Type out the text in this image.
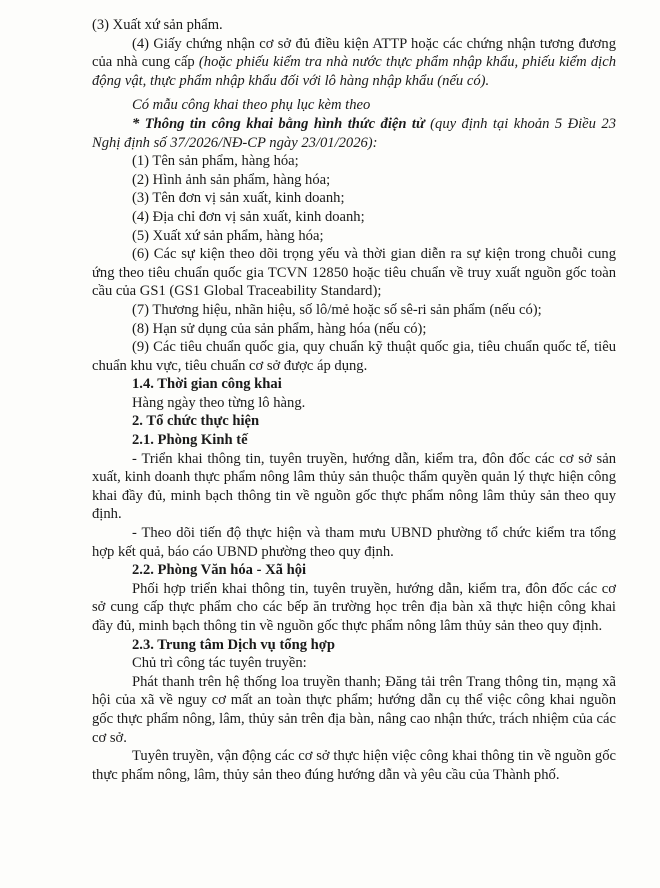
(3) Xuất xứ sản phẩm.

(4) Giấy chứng nhận cơ sở đủ điều kiện ATTP hoặc các chứng nhận tương đương của nhà cung cấp (hoặc phiếu kiểm tra nhà nước thực phẩm nhập khẩu, phiếu kiểm dịch động vật, thực phẩm nhập khẩu đối với lô hàng nhập khẩu (nếu có).

Có mẫu công khai theo phụ lục kèm theo

* Thông tin công khai bằng hình thức điện tử (quy định tại khoản 5 Điều 23 Nghị định số 37/2026/NĐ-CP ngày 23/01/2026):

(1) Tên sản phẩm, hàng hóa;

(2) Hình ảnh sản phẩm, hàng hóa;

(3) Tên đơn vị sản xuất, kinh doanh;

(4) Địa chỉ đơn vị sản xuất, kinh doanh;

(5) Xuất xứ sản phẩm, hàng hóa;

(6) Các sự kiện theo dõi trọng yếu và thời gian diễn ra sự kiện trong chuỗi cung ứng theo tiêu chuẩn quốc gia TCVN 12850 hoặc tiêu chuẩn về truy xuất nguồn gốc toàn cầu của GS1 (GS1 Global Traceability Standard);

(7) Thương hiệu, nhãn hiệu, số lô/mẻ hoặc số sê-ri sản phẩm (nếu có);

(8) Hạn sử dụng của sản phẩm, hàng hóa (nếu có);

(9) Các tiêu chuẩn quốc gia, quy chuẩn kỹ thuật quốc gia, tiêu chuẩn quốc tế, tiêu chuẩn khu vực, tiêu chuẩn cơ sở được áp dụng.

1.4. Thời gian công khai

Hàng ngày theo từng lô hàng.

2. Tổ chức thực hiện

2.1. Phòng Kinh tế

- Triển khai thông tin, tuyên truyền, hướng dẫn, kiểm tra, đôn đốc các cơ sở sản xuất, kinh doanh thực phẩm nông lâm thủy sản thuộc thẩm quyền quản lý thực hiện công khai đầy đủ, minh bạch thông tin về nguồn gốc thực phẩm nông lâm thủy sản theo quy định.

- Theo dõi tiến độ thực hiện và tham mưu UBND phường tổ chức kiểm tra tổng hợp kết quả, báo cáo UBND phường theo quy định.

2.2. Phòng Văn hóa - Xã hội

Phối hợp triển khai thông tin, tuyên truyền, hướng dẫn, kiểm tra, đôn đốc các cơ sở cung cấp thực phẩm cho các bếp ăn trường học trên địa bàn xã thực hiện công khai đầy đủ, minh bạch thông tin về nguồn gốc thực phẩm nông lâm thủy sản theo quy định.

2.3. Trung tâm Dịch vụ tổng hợp

Chủ trì công tác tuyên truyền:

Phát thanh trên hệ thống loa truyền thanh; Đăng tải trên Trang thông tin, mạng xã hội của xã về nguy cơ mất an toàn thực phẩm; hướng dẫn cụ thể việc công khai nguồn gốc thực phẩm nông, lâm, thủy sản trên địa bàn, nâng cao nhận thức, trách nhiệm của các cơ sở.

Tuyên truyền, vận động các cơ sở thực hiện việc công khai thông tin về nguồn gốc thực phẩm nông, lâm, thủy sản theo đúng hướng dẫn và yêu cầu của Thành phố.
